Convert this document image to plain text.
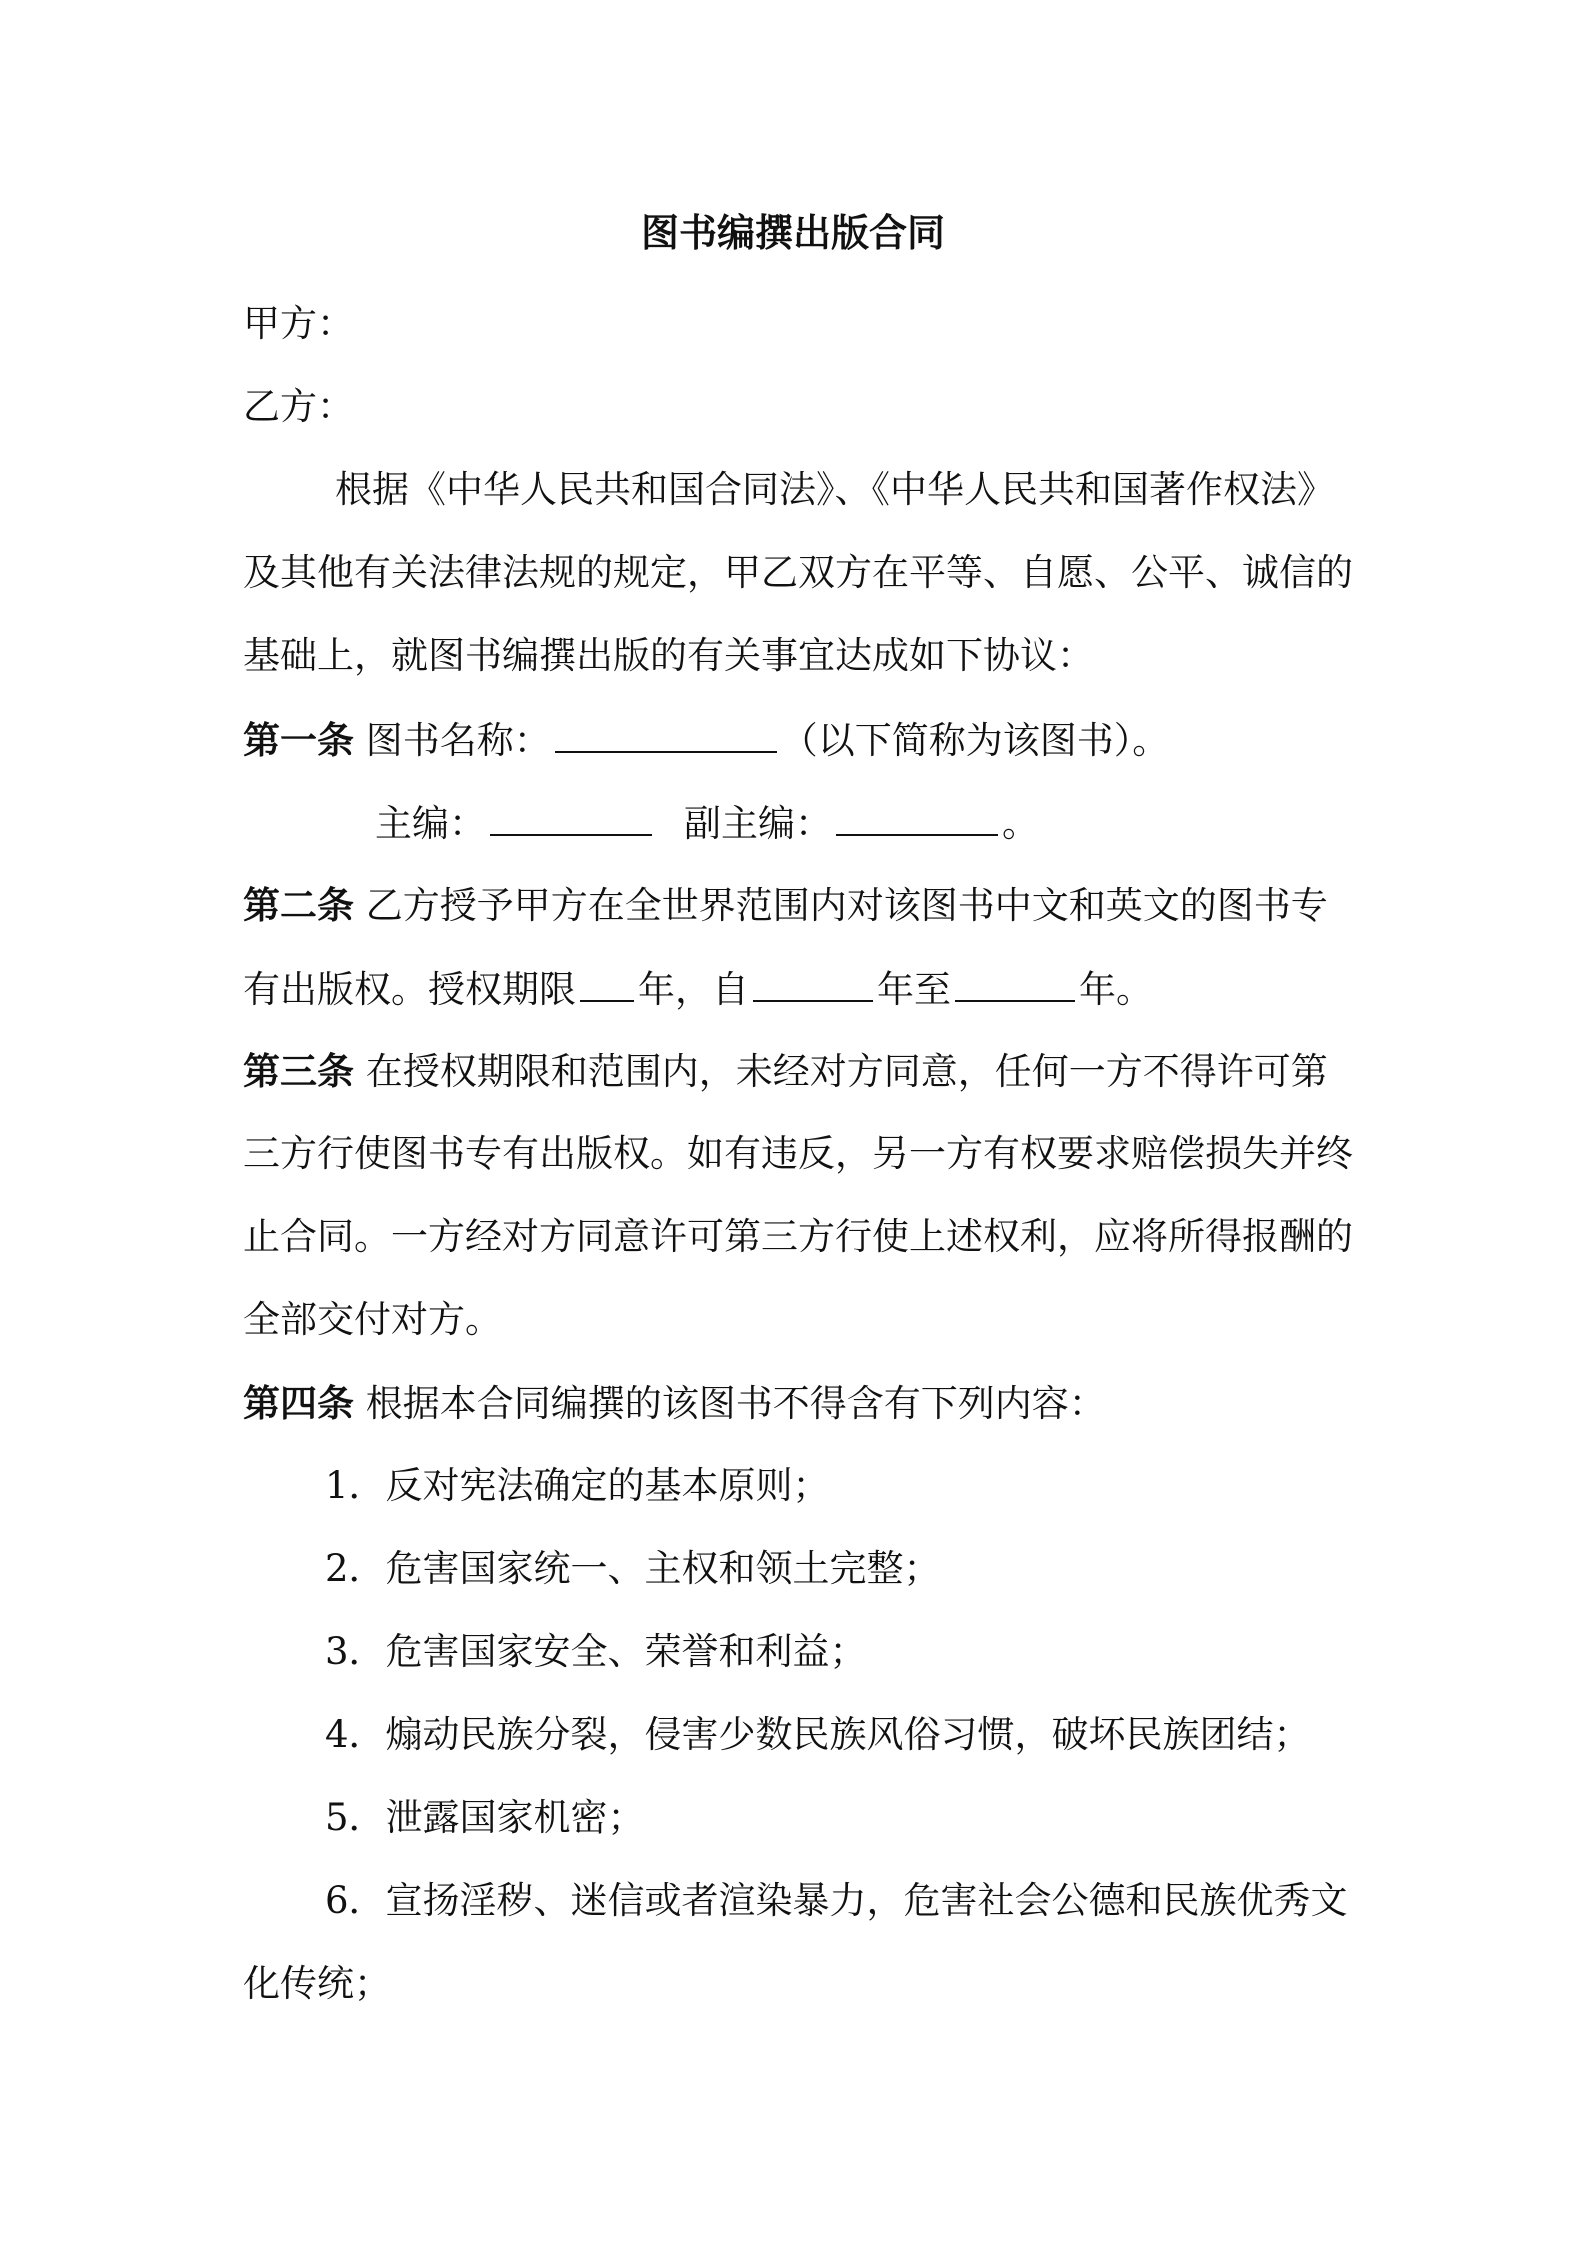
图书编撰出版合同
甲方：
乙方：
根据《中华人民共和国合同法》、《中华人民共和国著作权法》
及其他有关法律法规的规定，甲乙双方在平等、自愿、公平、诚信的
基础上，就图书编撰出版的有关事宜达成如下协议：
第一条 图书名称：	（以下简称为该图书）。
主编：	副主编：	。
第二条 乙方授予甲方在全世界范围内对该图书中文和英文的图书专
有出版权。授权期限 年，自	年至	年。
第三条 在授权期限和范围内，未经对方同意，任何一方不得许可第
三方行使图书专有出版权。如有违反，另一方有权要求赔偿损失并终
止合同。一方经对方同意许可第三方行使上述权利，应将所得报酬的
全部交付对方。
第四条 根据本合同编撰的该图书不得含有下列内容：
1．反对宪法确定的基本原则；
2．危害国家统一、主权和领土完整；
3．危害国家安全、荣誉和利益；
4．煽动民族分裂，侵害少数民族风俗习惯，破坏民族团结；
5．泄露国家机密；
6．宣扬淫秽、迷信或者渲染暴力，危害社会公德和民族优秀文
化传统；
